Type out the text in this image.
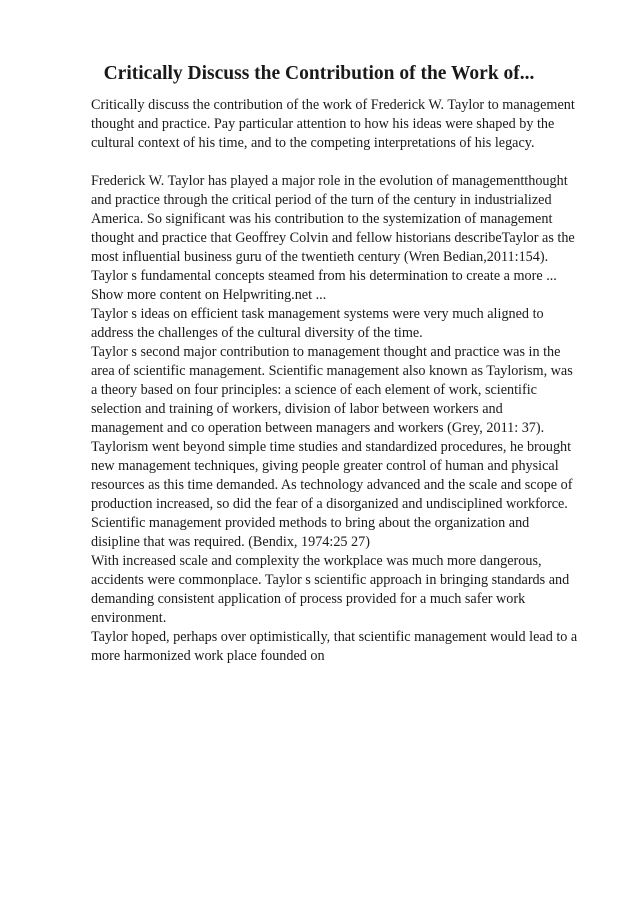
Critically Discuss the Contribution of the Work of...
Critically discuss the contribution of the work of Frederick W. Taylor to management
thought and practice. Pay particular attention to how his ideas were shaped by the
cultural context of his time, and to the competing interpretations of his legacy.
Frederick W. Taylor has played a major role in the evolution of managementthought
and practice through the critical period of the turn of the century in industrialized
America. So significant was his contribution to the systemization of management
thought and practice that Geoffrey Colvin and fellow historians describeTaylor as the
most influential business guru of the twentieth century (Wren Bedian,2011:154).
Taylor s fundamental concepts steamed from his determination to create a more ...
Show more content on Helpwriting.net ...
Taylor s ideas on efficient task management systems were very much aligned to
address the challenges of the cultural diversity of the time.
Taylor s second major contribution to management thought and practice was in the
area of scientific management. Scientific management also known as Taylorism, was
a theory based on four principles: a science of each element of work, scientific
selection and training of workers, division of labor between workers and
management and co operation between managers and workers (Grey, 2011: 37).
Taylorism went beyond simple time studies and standardized procedures, he brought
new management techniques, giving people greater control of human and physical
resources as this time demanded. As technology advanced and the scale and scope of
production increased, so did the fear of a disorganized and undisciplined workforce.
Scientific management provided methods to bring about the organization and
disipline that was required. (Bendix, 1974:25 27)
With increased scale and complexity the workplace was much more dangerous,
accidents were commonplace. Taylor s scientific approach in bringing standards and
demanding consistent application of process provided for a much safer work
environment.
Taylor hoped, perhaps over optimistically, that scientific management would lead to a
more harmonized work place founded on
